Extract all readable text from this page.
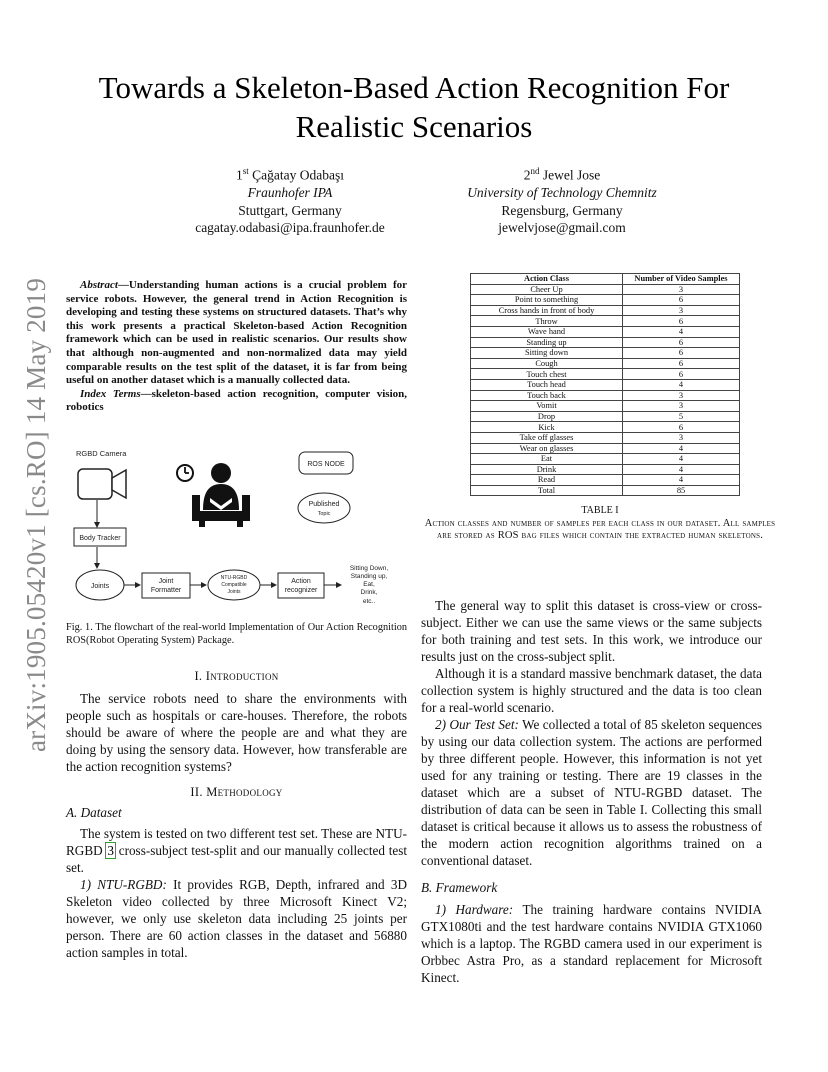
arXiv:1905.05420v1 [cs.RO] 14 May 2019
Towards a Skeleton-Based Action Recognition For Realistic Scenarios
1st Çağatay Odabaşı
Fraunhofer IPA
Stuttgart, Germany
cagatay.odabasi@ipa.fraunhofer.de
2nd Jewel Jose
University of Technology Chemnitz
Regensburg, Germany
jewelvjose@gmail.com

Abstract—Understanding human actions is a crucial problem for service robots. However, the general trend in Action Recognition is developing and testing these systems on structured datasets. That’s why this work presents a practical Skeleton-based Action Recognition framework which can be used in realistic scenarios. Our results show that although non-augmented and non-normalized data may yield comparable results on the test split of the dataset, it is far from being useful on another dataset which is a manually collected data.

Index Terms—skeleton-based action recognition, computer vision, robotics

RGBD Camera
Body Tracker
Joints
Joint
Formatter
NTU-RGBD
Compatible
Joints
Action
recognizer
Sitting Down,
Standing up,
Eat,
Drink,
etc..
ROS NODE
Published
Topic
Fig. 1. The flowchart of the real-world Implementation of Our Action Recognition ROS(Robot Operating System) Package.
I. Introduction

The service robots need to share the environments with people such as hospitals or care-houses. Therefore, the robots should be aware of where the people are and what they are doing by using the sensory data. However, how transferable are the action recognition systems?

II. Methodology
A. Dataset

The system is tested on two different test set. These are NTU-RGBD 3 cross-subject test-split and our manually collected test set.

1) NTU-RGBD: It provides RGB, Depth, infrared and 3D Skeleton video collected by three Microsoft Kinect V2; however, we only use skeleton data including 25 joints per person. There are 60 action classes in the dataset and 56880 action samples in total.

Action Class	Number of Video Samples
Cheer Up	3
Point to something	6
Cross hands in front of body	3
Throw	6
Wave hand	4
Standing up	6
Sitting down	6
Cough	6
Touch chest	6
Touch head	4
Touch back	3
Vomit	3
Drop	5
Kick	6
Take off glasses	3
Wear on glasses	4
Eat	4
Drink	4
Read	4
Total	85
TABLE I
Action classes and number of samples per each class in our dataset. All samples are stored as ROS bag files which contain the extracted human skeletons.

The general way to split this dataset is cross-view or cross-subject. Either we can use the same views or the same subjects for both training and test sets. In this work, we introduce our results just on the cross-subject split.

Although it is a standard massive benchmark dataset, the data collection system is highly structured and the data is too clean for a real-world scenario.

2) Our Test Set: We collected a total of 85 skeleton sequences by using our data collection system. The actions are performed by three different people. However, this information is not yet used for any training or testing. There are 19 classes in the dataset which are a subset of NTU-RGBD dataset. The distribution of data can be seen in Table I. Collecting this small dataset is critical because it allows us to assess the robustness of the modern action recognition algorithms trained on a conventional dataset.

B. Framework

1) Hardware: The training hardware contains NVIDIA GTX1080ti and the test hardware contains NVIDIA GTX1060 which is a laptop. The RGBD camera used in our experiment is Orbbec Astra Pro, as a standard replacement for Microsoft Kinect.
